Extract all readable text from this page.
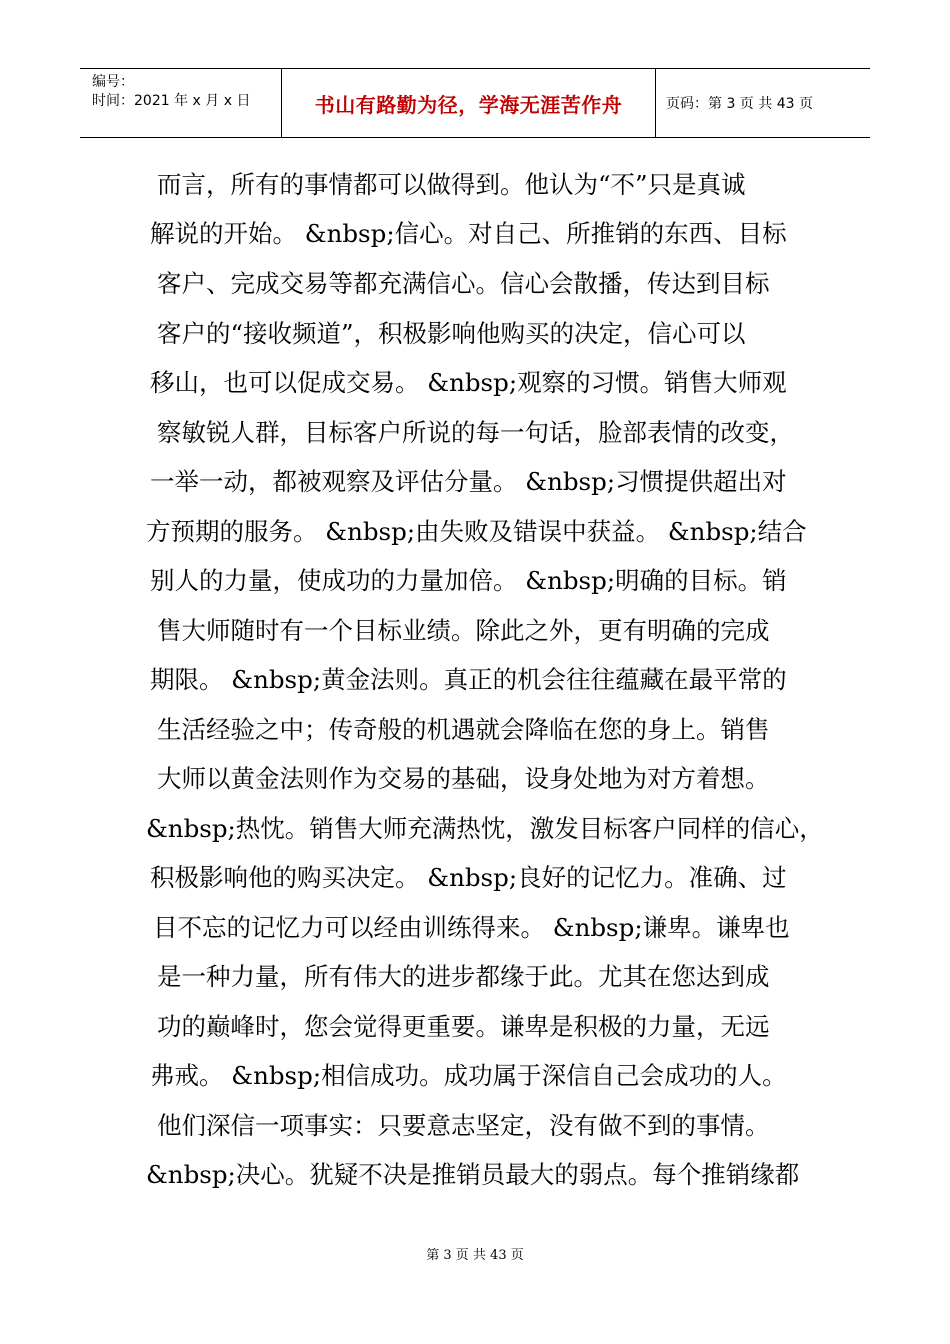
编号：
时间：2021 年 x 月 x 日	书山有路勤为径，学海无涯苦作舟	页码：第 3 页 共 43 页
而言，所有的事情都可以做得到。他认为“不”只是真诚
解说的开始。 &nbsp;信心。对自己、所推销的东西、目标
客户、完成交易等都充满信心。信心会散播，传达到目标
客户的“接收频道”，积极影响他购买的决定，信心可以
移山，也可以促成交易。 &nbsp;观察的习惯。销售大师观
察敏锐人群，目标客户所说的每一句话，脸部表情的改变，
一举一动，都被观察及评估分量。 &nbsp;习惯提供超出对
方预期的服务。 &nbsp;由失败及错误中获益。 &nbsp;结合
别人的力量，使成功的力量加倍。 &nbsp;明确的目标。销
售大师随时有一个目标业绩。除此之外，更有明确的完成
期限。 &nbsp;黄金法则。真正的机会往往蕴藏在最平常的
生活经验之中；传奇般的机遇就会降临在您的身上。销售
大师以黄金法则作为交易的基础，设身处地为对方着想。
&nbsp;热忱。销售大师充满热忱，激发目标客户同样的信心，
积极影响他的购买决定。 &nbsp;良好的记忆力。准确、过
目不忘的记忆力可以经由训练得来。 &nbsp;谦卑。谦卑也
是一种力量，所有伟大的进步都缘于此。尤其在您达到成
功的巅峰时，您会觉得更重要。谦卑是积极的力量，无远
弗戒。 &nbsp;相信成功。成功属于深信自己会成功的人。
他们深信一项事实：只要意志坚定，没有做不到的事情。
&nbsp;决心。犹疑不决是推销员最大的弱点。每个推销缘都
第 3 页 共 43 页
